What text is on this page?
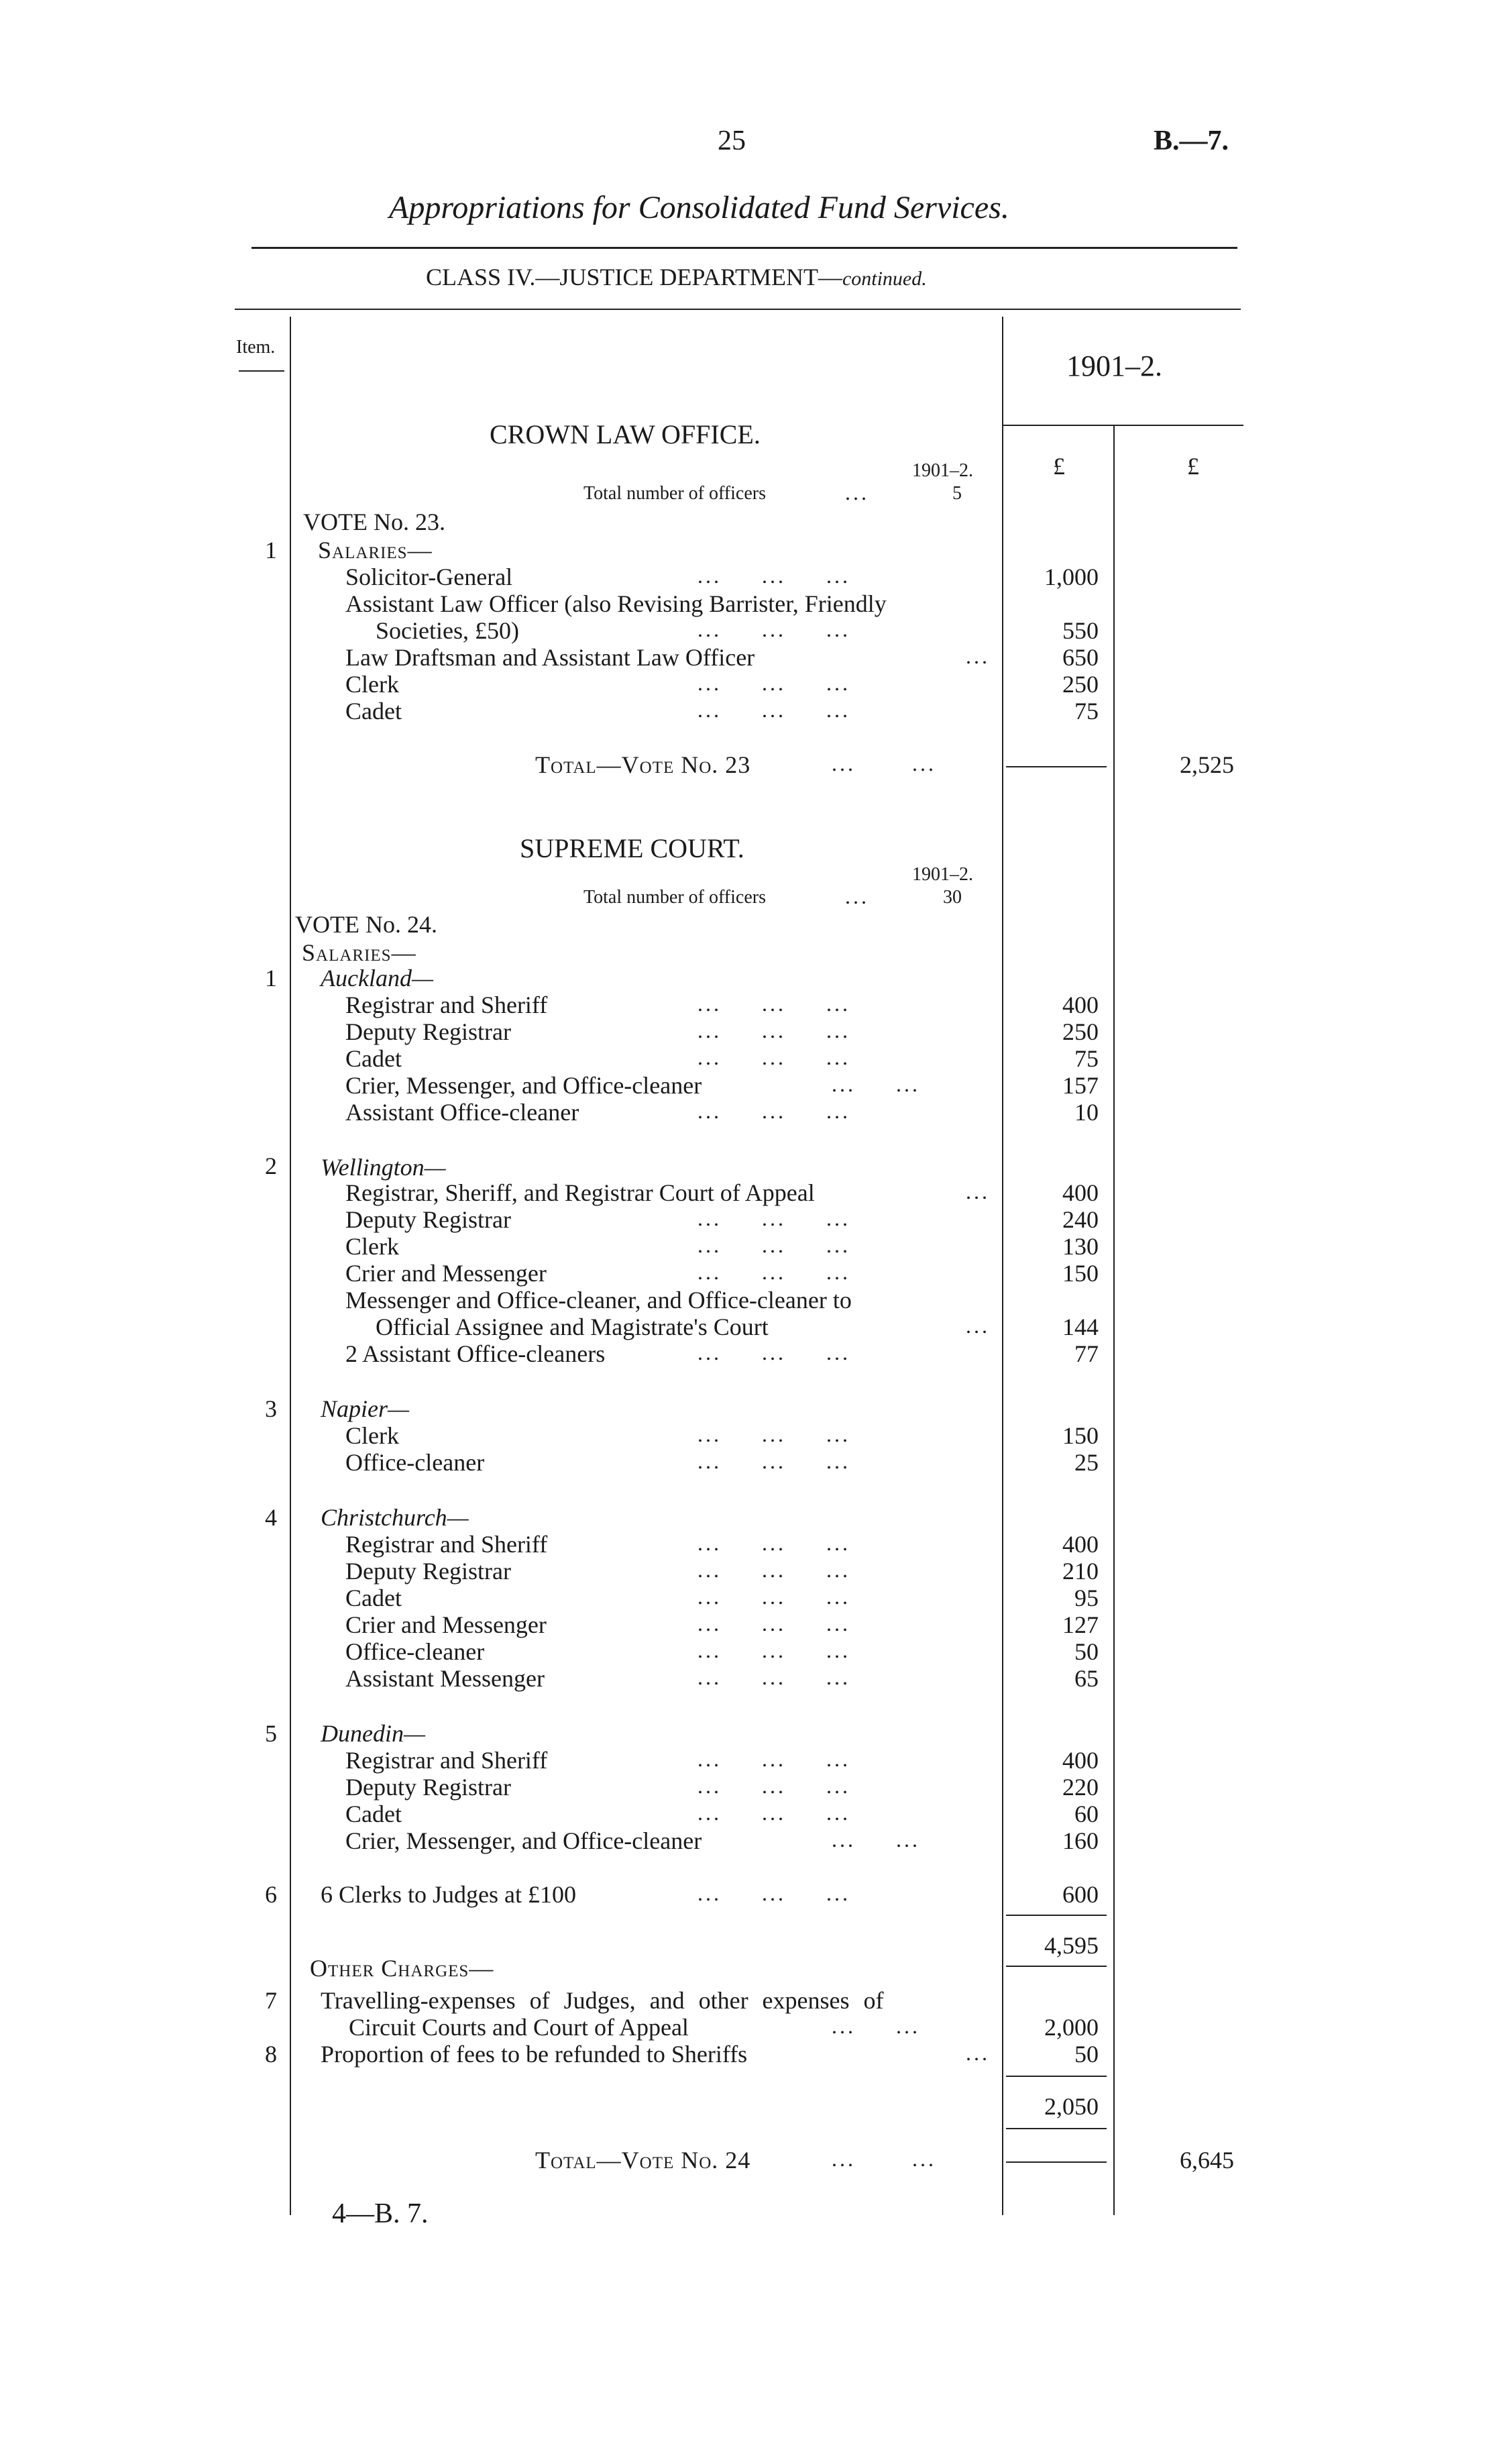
25	B.—7.
Appropriations for Consolidated Fund Services.
CLASS IV.—JUSTICE DEPARTMENT—continued.
Item.
1901–2.
£	£
CROWN LAW OFFICE.
1901–2.
Total number of officers	...	5
VOTE No. 23.
1 Salaries—
Solicitor-General	...     ...     ...	1,000
Assistant Law Officer (also Revising Barrister, Friendly
Societies, £50)	...     ...     ...	550
Law Draftsman and Assistant Law Officer	...	650
Clerk	...     ...     ...	250
Cadet	...     ...     ...	75
Total—Vote No. 23	...       ...	2,525
SUPREME COURT.
1901–2.
Total number of officers	...	30
VOTE No. 24.
Salaries—
1 Auckland—
Registrar and Sheriff	...     ...     ...	400
Deputy Registrar	...     ...     ...	250
Cadet	...     ...     ...	75
Crier, Messenger, and Office-cleaner	...     ...	157
Assistant Office-cleaner	...     ...     ...	10
2 Wellington—
Registrar, Sheriff, and Registrar Court of Appeal	...	400
Deputy Registrar	...     ...     ...	240
Clerk	...     ...     ...	130
Crier and Messenger	...     ...     ...	150
Messenger and Office-cleaner, and Office-cleaner to
Official Assignee and Magistrate's Court	...	144
2 Assistant Office-cleaners	...     ...     ...	77
3 Napier—
Clerk	...     ...     ...	150
Office-cleaner	...     ...     ...	25
4 Christchurch—
Registrar and Sheriff	...     ...     ...	400
Deputy Registrar	...     ...     ...	210
Cadet	...     ...     ...	95
Crier and Messenger	...     ...     ...	127
Office-cleaner	...     ...     ...	50
Assistant Messenger	...     ...     ...	65
5 Dunedin—
Registrar and Sheriff	...     ...     ...	400
Deputy Registrar	...     ...     ...	220
Cadet	...     ...     ...	60
Crier, Messenger, and Office-cleaner	...     ...	160
6 6 Clerks to Judges at £100	...     ...     ...	600
4,595
Other Charges—
7 Travelling-expenses of Judges, and other expenses of
Circuit Courts and Court of Appeal	...     ...	2,000
8 Proportion of fees to be refunded to Sheriffs	...	50
2,050
Total—Vote No. 24	...       ...	6,645
4—B. 7.
